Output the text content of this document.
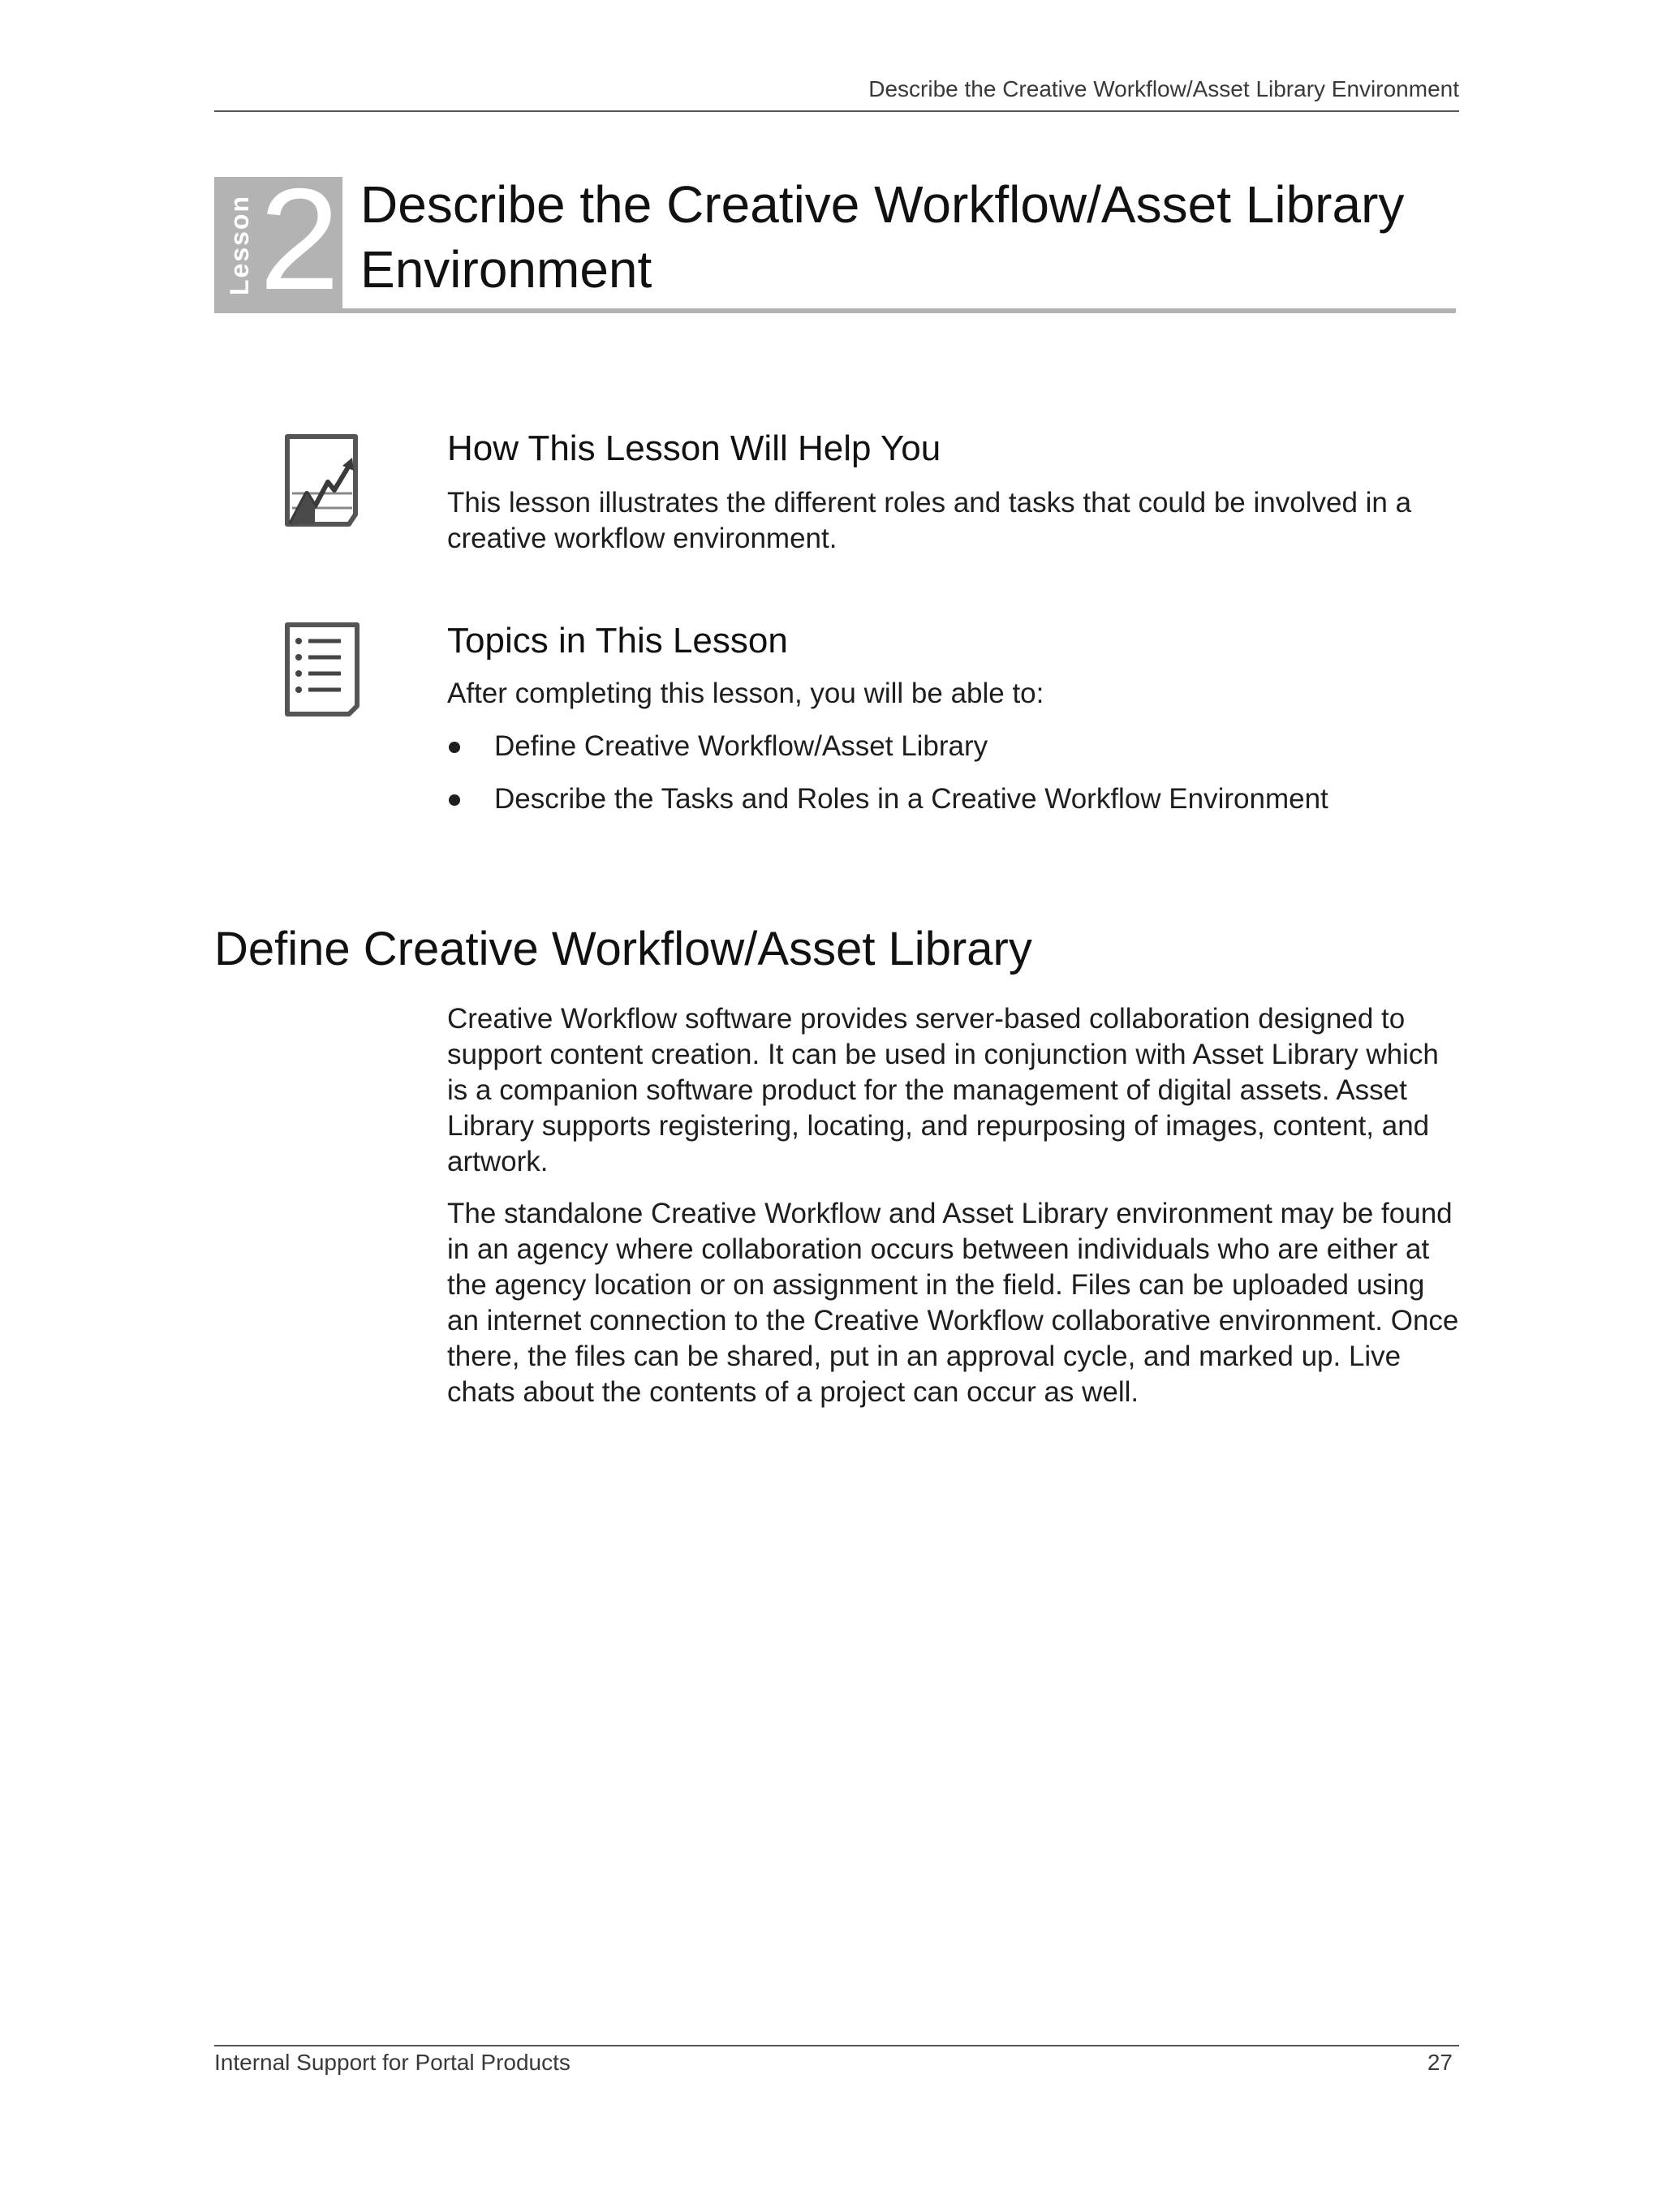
Describe the Creative Workflow/Asset Library Environment
Lesson 2 Describe the Creative Workflow/Asset Library
Environment
How This Lesson Will Help You
This lesson illustrates the different roles and tasks that could be involved in a creative workflow environment.
Topics in This Lesson
After completing this lesson, you will be able to:
Define Creative Workflow/Asset Library
Describe the Tasks and Roles in a Creative Workflow Environment
Define Creative Workflow/Asset Library
Creative Workflow software provides server-based collaboration designed to support content creation. It can be used in conjunction with Asset Library which is a companion software product for the management of digital assets. Asset Library supports registering, locating, and repurposing of images, content, and artwork.
The standalone Creative Workflow and Asset Library environment may be found in an agency where collaboration occurs between individuals who are either at the agency location or on assignment in the field. Files can be uploaded using an internet connection to the Creative Workflow collaborative environment. Once there, the files can be shared, put in an approval cycle, and marked up. Live chats about the contents of a project can occur as well.
Internal Support for Portal Products	27
